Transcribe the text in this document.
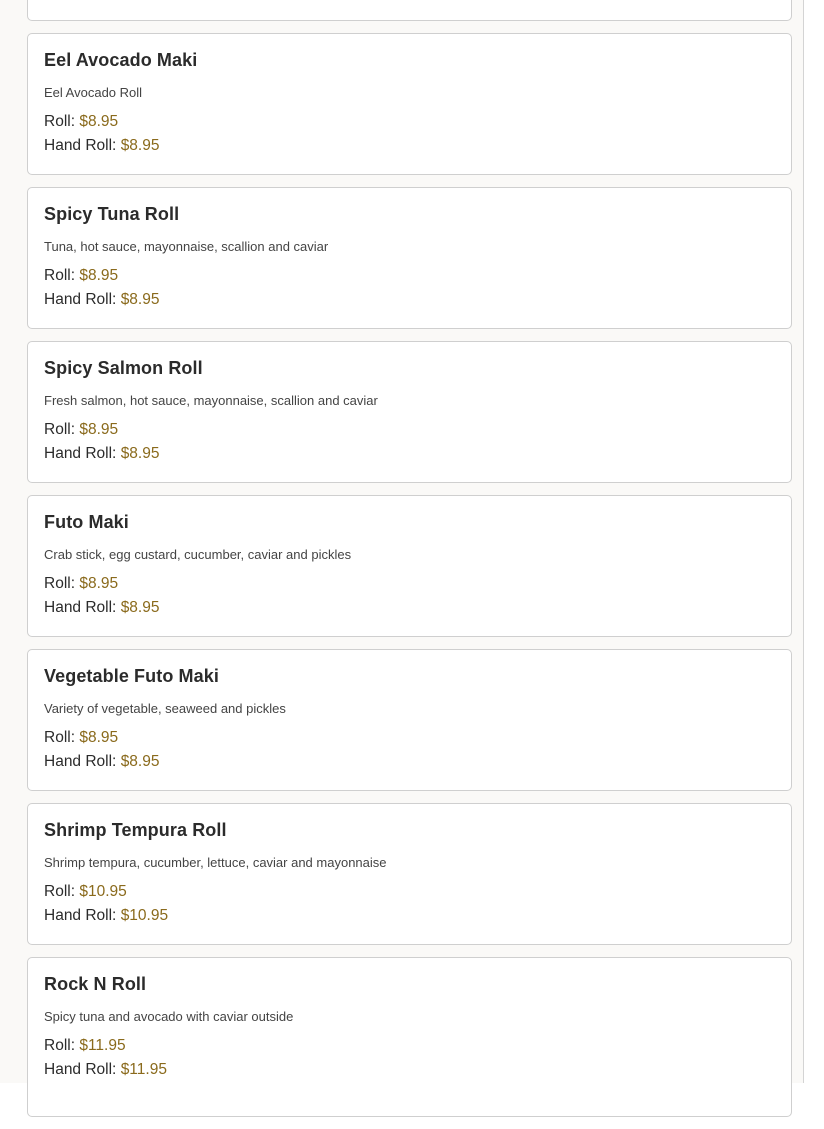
Eel Avocado Maki

Eel Avocado Roll

Roll: $8.95

Hand Roll: $8.95

Spicy Tuna Roll

Tuna, hot sauce, mayonnaise, scallion and caviar

Roll: $8.95

Hand Roll: $8.95

Spicy Salmon Roll

Fresh salmon, hot sauce, mayonnaise, scallion and caviar

Roll: $8.95

Hand Roll: $8.95

Futo Maki

Crab stick, egg custard, cucumber, caviar and pickles

Roll: $8.95

Hand Roll: $8.95

Vegetable Futo Maki

Variety of vegetable, seaweed and pickles

Roll: $8.95

Hand Roll: $8.95

Shrimp Tempura Roll

Shrimp tempura, cucumber, lettuce, caviar and mayonnaise

Roll: $10.95

Hand Roll: $10.95

Rock N Roll

Spicy tuna and avocado with caviar outside

Roll: $11.95

Hand Roll: $11.95
